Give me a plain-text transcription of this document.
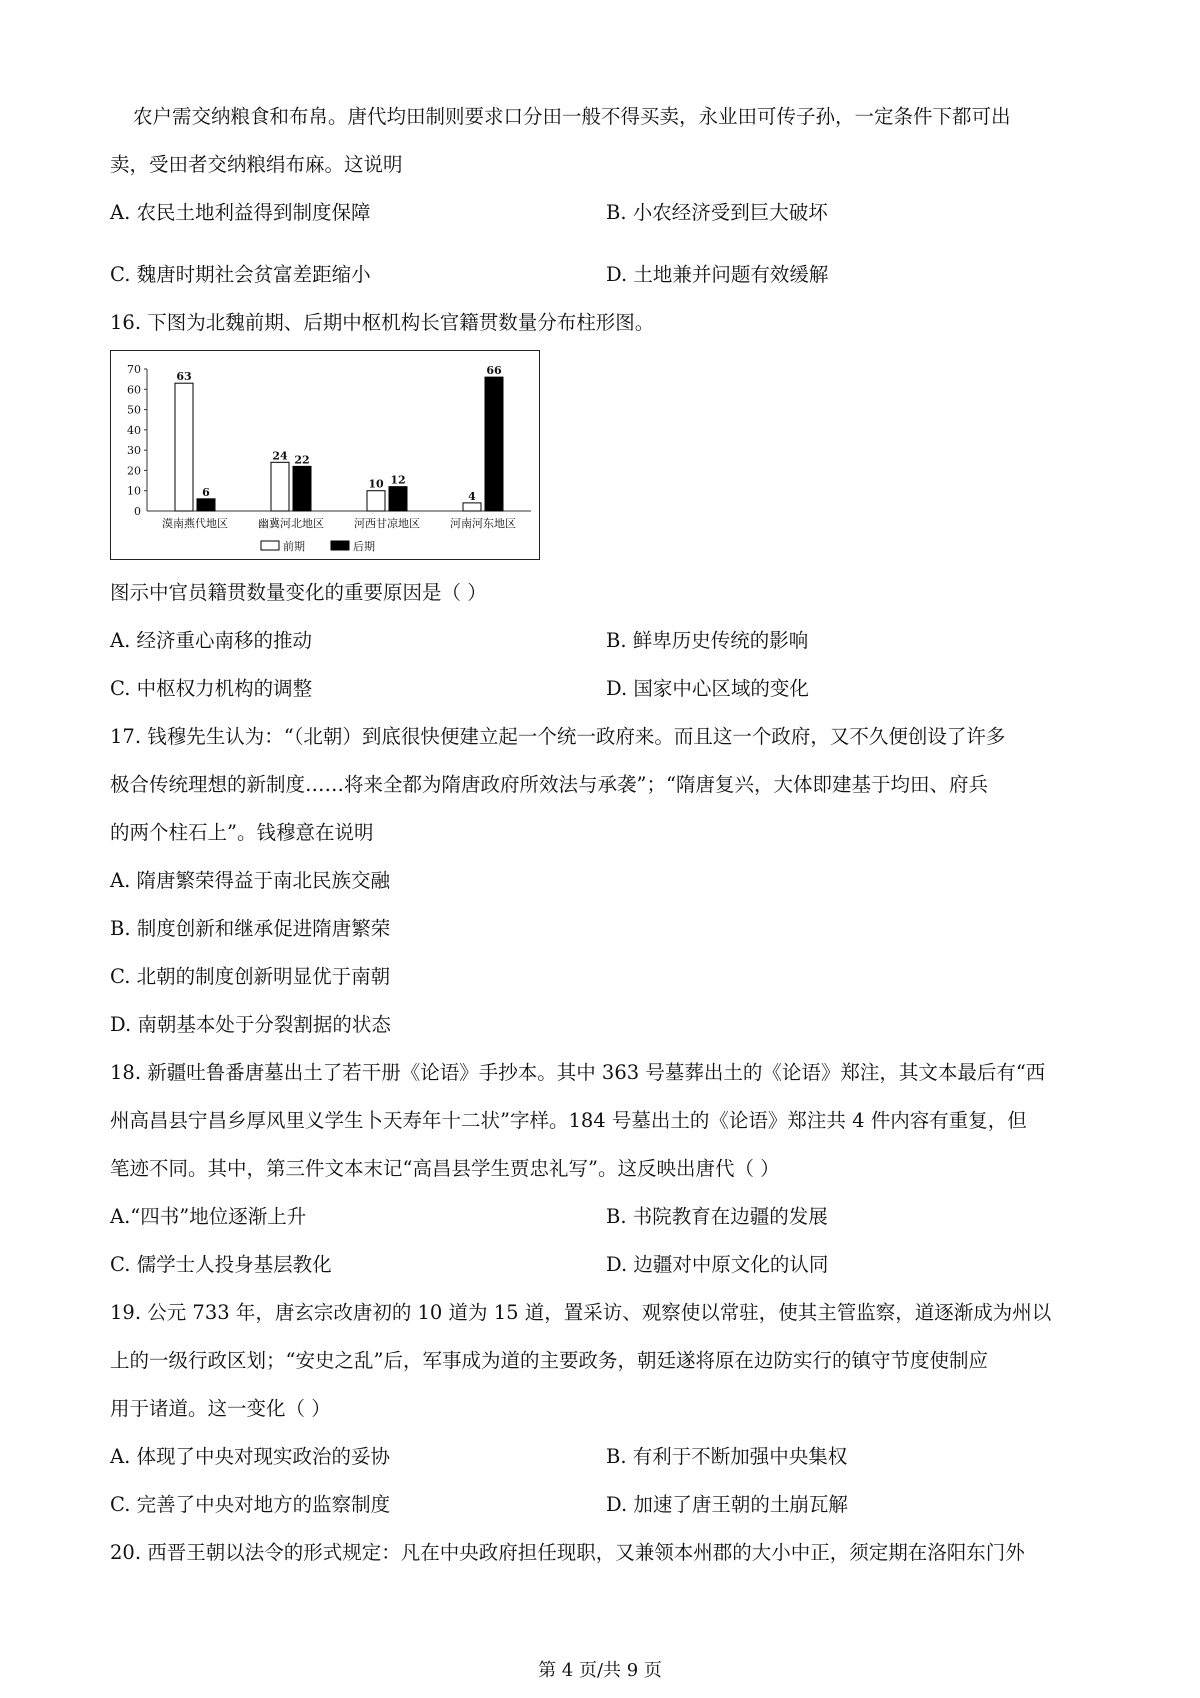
农户需交纳粮食和布帛。唐代均田制则要求口分田一般不得买卖，永业田可传子孙，一定条件下都可出
卖，受田者交纳粮绢布麻。这说明
A. 农民土地利益得到制度保障	B. 小农经济受到巨大破坏
C. 魏唐时期社会贫富差距缩小	D. 土地兼并问题有效缓解
16. 下图为北魏前期、后期中枢机构长官籍贯数量分布柱形图。
0
10
20
30
40
50
60
70
63
6
漠南燕代地区
24 22
幽冀河北地区
10 12
河西甘凉地区
4
66
河南河东地区
前期	后期
图示中官员籍贯数量变化的重要原因是（ ）
A. 经济重心南移的推动	B. 鲜卑历史传统的影响
C. 中枢权力机构的调整	D. 国家中心区域的变化
17. 钱穆先生认为：“（北朝）到底很快便建立起一个统一政府来。而且这一个政府，又不久便创设了许多
极合传统理想的新制度……将来全都为隋唐政府所效法与承袭”；“隋唐复兴，大体即建基于均田、府兵
的两个柱石上”。钱穆意在说明
A. 隋唐繁荣得益于南北民族交融
B. 制度创新和继承促进隋唐繁荣
C. 北朝的制度创新明显优于南朝
D. 南朝基本处于分裂割据的状态
18. 新疆吐鲁番唐墓出土了若干册《论语》手抄本。其中 363 号墓葬出土的《论语》郑注，其文本最后有“西
州高昌县宁昌乡厚风里义学生卜天寿年十二状”字样。184 号墓出土的《论语》郑注共 4 件内容有重复，但
笔迹不同。其中，第三件文本末记“高昌县学生贾忠礼写”。这反映出唐代（ ）
A.“四书”地位逐渐上升	B. 书院教育在边疆的发展
C. 儒学士人投身基层教化	D. 边疆对中原文化的认同
19. 公元 733 年，唐玄宗改唐初的 10 道为 15 道，置采访、观察使以常驻，使其主管监察，道逐渐成为州以
上的一级行政区划；“安史之乱”后，军事成为道的主要政务，朝廷遂将原在边防实行的镇守节度使制应
用于诸道。这一变化（ ）
A. 体现了中央对现实政治的妥协	B. 有利于不断加强中央集权
C. 完善了中央对地方的监察制度	D. 加速了唐王朝的土崩瓦解
20. 西晋王朝以法令的形式规定：凡在中央政府担任现职，又兼领本州郡的大小中正，须定期在洛阳东门外
第 4 页/共 9 页
